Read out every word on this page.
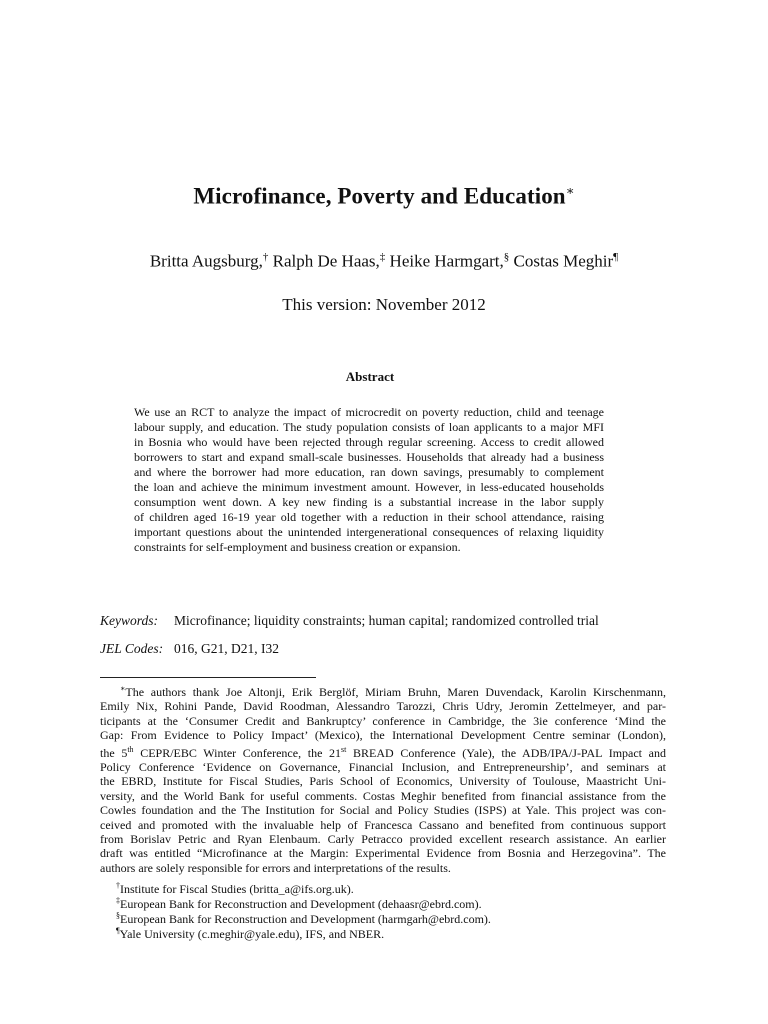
Microfinance, Poverty and Education∗
Britta Augsburg,† Ralph De Haas,‡ Heike Harmgart,§ Costas Meghir¶
This version: November 2012
Abstract
We use an RCT to analyze the impact of microcredit on poverty reduction, child and teenage
labour supply, and education. The study population consists of loan applicants to a major MFI
in Bosnia who would have been rejected through regular screening. Access to credit allowed
borrowers to start and expand small-scale businesses. Households that already had a business
and where the borrower had more education, ran down savings, presumably to complement
the loan and achieve the minimum investment amount. However, in less-educated households
consumption went down. A key new finding is a substantial increase in the labor supply
of children aged 16-19 year old together with a reduction in their school attendance, raising
important questions about the unintended intergenerational consequences of relaxing liquidity
constraints for self-employment and business creation or expansion.
Keywords: Microfinance; liquidity constraints; human capital; randomized controlled trial
JEL Codes: 016, G21, D21, I32
∗The authors thank Joe Altonji, Erik Berglöf, Miriam Bruhn, Maren Duvendack, Karolin Kirschenmann,
Emily Nix, Rohini Pande, David Roodman, Alessandro Tarozzi, Chris Udry, Jeromin Zettelmeyer, and par-
ticipants at the ‘Consumer Credit and Bankruptcy’ conference in Cambridge, the 3ie conference ‘Mind the
Gap: From Evidence to Policy Impact’ (Mexico), the International Development Centre seminar (London),
the 5th CEPR/EBC Winter Conference, the 21st BREAD Conference (Yale), the ADB/IPA/J-PAL Impact and
Policy Conference ‘Evidence on Governance, Financial Inclusion, and Entrepreneurship’, and seminars at
the EBRD, Institute for Fiscal Studies, Paris School of Economics, University of Toulouse, Maastricht Uni-
versity, and the World Bank for useful comments. Costas Meghir benefited from financial assistance from the
Cowles foundation and the The Institution for Social and Policy Studies (ISPS) at Yale. This project was con-
ceived and promoted with the invaluable help of Francesca Cassano and benefited from continuous support
from Borislav Petric and Ryan Elenbaum. Carly Petracco provided excellent research assistance. An earlier
draft was entitled “Microfinance at the Margin: Experimental Evidence from Bosnia and Herzegovina”. The
authors are solely responsible for errors and interpretations of the results.
†Institute for Fiscal Studies (britta_a@ifs.org.uk).
‡European Bank for Reconstruction and Development (dehaasr@ebrd.com).
§European Bank for Reconstruction and Development (harmgarh@ebrd.com).
¶Yale University (c.meghir@yale.edu), IFS, and NBER.
